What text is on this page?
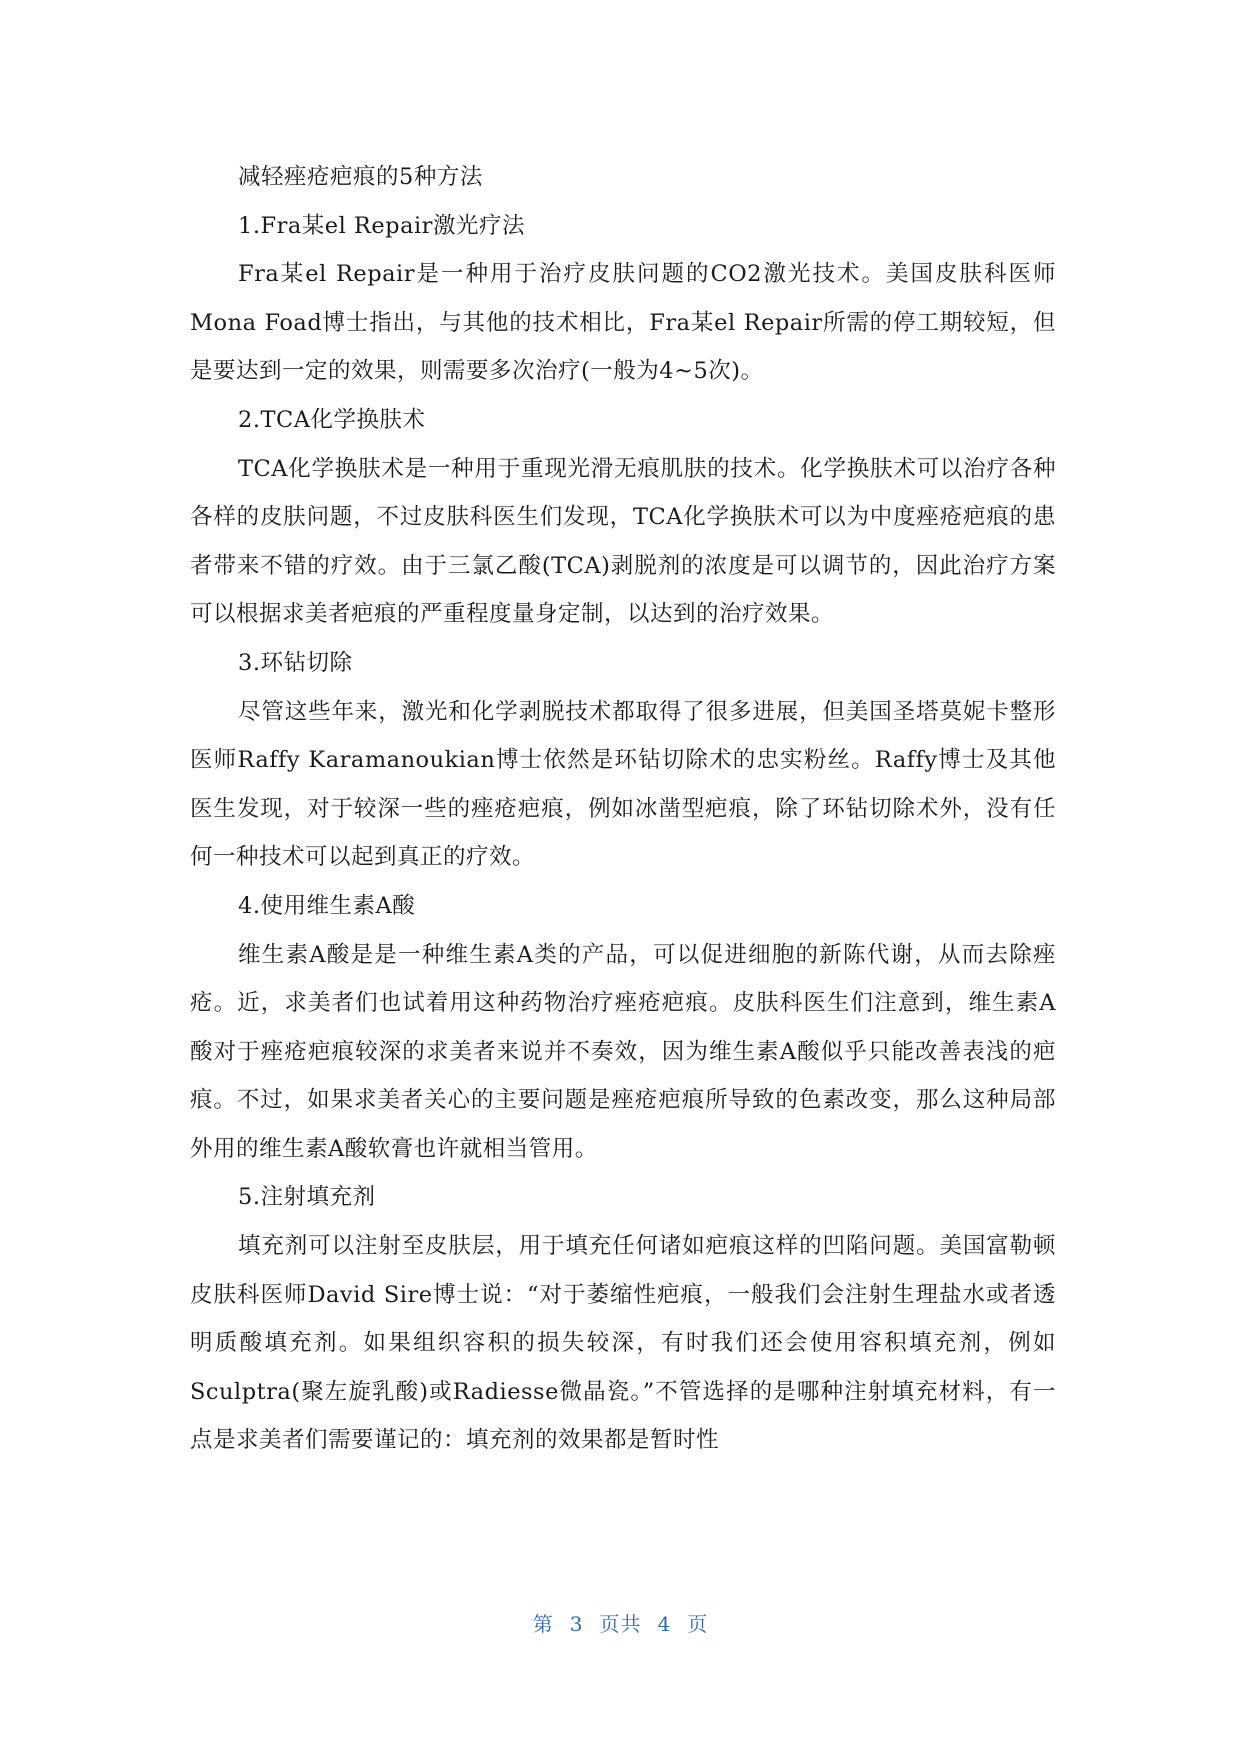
减轻痤疮疤痕的5种方法

1.Fra某el Repair激光疗法

Fra某el Repair是一种用于治疗皮肤问题的CO2激光技术。美国皮肤科医师Mona Foad博士指出，与其他的技术相比，Fra某el Repair所需的停工期较短，但是要达到一定的效果，则需要多次治疗(一般为4~5次)。

2.TCA化学换肤术

TCA化学换肤术是一种用于重现光滑无痕肌肤的技术。化学换肤术可以治疗各种各样的皮肤问题，不过皮肤科医生们发现，TCA化学换肤术可以为中度痤疮疤痕的患者带来不错的疗效。由于三氯乙酸(TCA)剥脱剂的浓度是可以调节的，因此治疗方案可以根据求美者疤痕的严重程度量身定制，以达到的治疗效果。

3.环钻切除

尽管这些年来，激光和化学剥脱技术都取得了很多进展，但美国圣塔莫妮卡整形医师Raffy Karamanoukian博士依然是环钻切除术的忠实粉丝。Raffy博士及其他医生发现，对于较深一些的痤疮疤痕，例如冰凿型疤痕，除了环钻切除术外，没有任何一种技术可以起到真正的疗效。

4.使用维生素A酸

维生素A酸是是一种维生素A类的产品，可以促进细胞的新陈代谢，从而去除痤疮。近，求美者们也试着用这种药物治疗痤疮疤痕。皮肤科医生们注意到，维生素A酸对于痤疮疤痕较深的求美者来说并不奏效，因为维生素A酸似乎只能改善表浅的疤痕。不过，如果求美者关心的主要问题是痤疮疤痕所导致的色素改变，那么这种局部外用的维生素A酸软膏也许就相当管用。

5.注射填充剂

填充剂可以注射至皮肤层，用于填充任何诸如疤痕这样的凹陷问题。美国富勒顿皮肤科医师David Sire博士说：“对于萎缩性疤痕，一般我们会注射生理盐水或者透明质酸填充剂。如果组织容积的损失较深，有时我们还会使用容积填充剂，例如Sculptra(聚左旋乳酸)或Radiesse微晶瓷。”不管选择的是哪种注射填充材料，有一点是求美者们需要谨记的：填充剂的效果都是暂时性

第 3 页共 4 页
